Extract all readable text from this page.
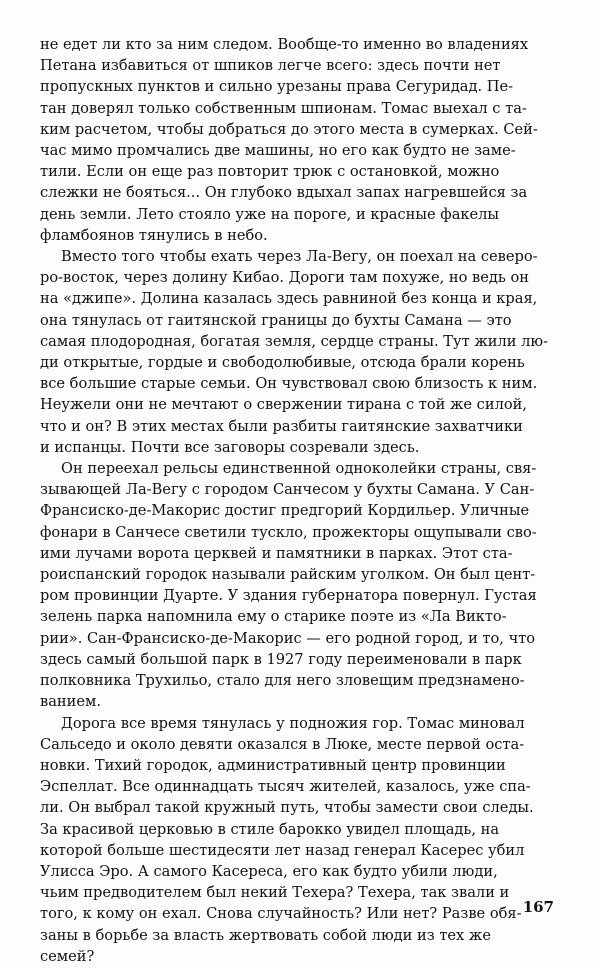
не едет ли кто за ним следом. Вообще-то именно во владениях
Петана избавиться от шпиков легче всего: здесь почти нет
пропускных пунктов и сильно урезаны права Сегуридад. Пе-
тан доверял только собственным шпионам. Томас выехал с та-
ким расчетом, чтобы добраться до этого места в сумерках. Сей-
час мимо промчались две машины, но его как будто не заме-
тили. Если он еще раз повторит трюк с остановкой, можно
слежки не бояться... Он глубоко вдыхал запах нагревшейся за
день земли. Лето стояло уже на пороге, и красные факелы
фламбоянов тянулись в небо.

Вместо того чтобы ехать через Ла-Вегу, он поехал на северо-
ро-восток, через долину Кибао. Дороги там похуже, но ведь он
на «джипе». Долина казалась здесь равниной без конца и края,
она тянулась от гаитянской границы до бухты Самана — это
самая плодородная, богатая земля, сердце страны. Тут жили лю-
ди открытые, гордые и свободолюбивые, отсюда брали корень
все большие старые семьи. Он чувствовал свою близость к ним.
Неужели они не мечтают о свержении тирана с той же силой,
что и он? В этих местах были разбиты гаитянские захватчики
и испанцы. Почти все заговоры созревали здесь.

Он переехал рельсы единственной одноколейки страны, свя-
зывающей Ла-Вегу с городом Санчесом у бухты Самана. У Сан-
Франсиско-де-Макорис достиг предгорий Кордильер. Уличные
фонари в Санчесе светили тускло, прожекторы ощупывали сво-
ими лучами ворота церквей и памятники в парках. Этот ста-
роиспанский городок называли райским уголком. Он был цент-
ром провинции Дуарте. У здания губернатора повернул. Густая
зелень парка напомнила ему о старике поэте из «Ла Викто-
рии». Сан-Франсиско-де-Макорис — его родной город, и то, что
здесь самый большой парк в 1927 году переименовали в парк
полковника Трухильо, стало для него зловещим предзнамено-
ванием.

Дорога все время тянулась у подножия гор. Томас миновал
Сальседо и около девяти оказался в Люке, месте первой оста-
новки. Тихий городок, административный центр провинции
Эспеллат. Все одиннадцать тысяч жителей, казалось, уже спа-
ли. Он выбрал такой кружный путь, чтобы замести свои следы.
За красивой церковью в стиле барокко увидел площадь, на
которой больше шестидесяти лет назад генерал Касерес убил
Улисса Эро. А самого Касереса, его как будто убили люди,
чьим предводителем был некий Техера? Техера, так звали и
того, к кому он ехал. Снова случайность? Или нет? Разве обя-
заны в борьбе за власть жертвовать собой люди из тех же
семей?

167
